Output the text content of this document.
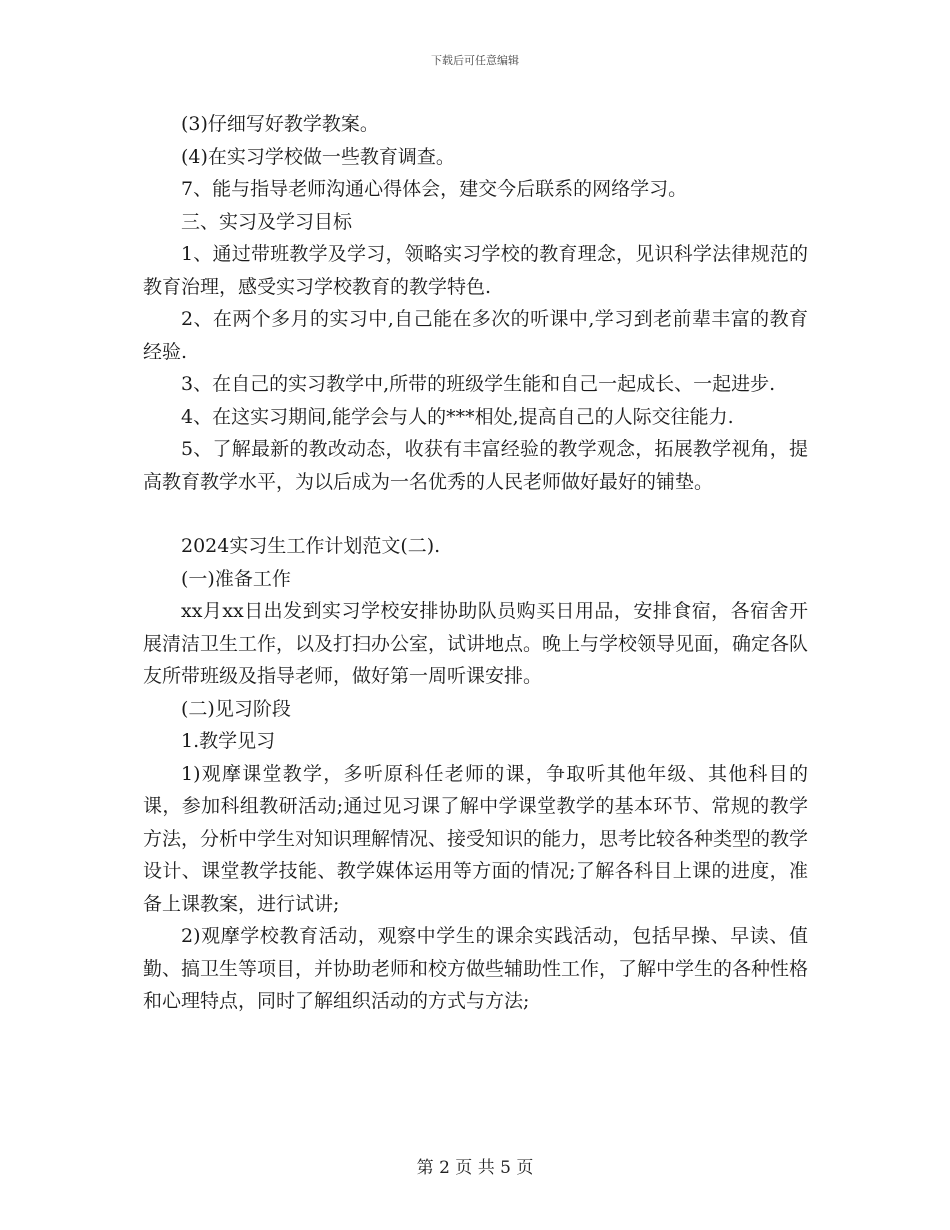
下载后可任意编辑

(3)仔细写好教学教案。

(4)在实习学校做一些教育调查。

7、能与指导老师沟通心得体会，建交今后联系的网络学习。

三、实习及学习目标

1、通过带班教学及学习，领略实习学校的教育理念，见识科学法律规范的教育治理，感受实习学校教育的教学特色.

2、在两个多月的实习中,自己能在多次的听课中,学习到老前辈丰富的教育经验.

3、在自己的实习教学中,所带的班级学生能和自己一起成长、一起进步.

4、在这实习期间,能学会与人的***相处,提高自己的人际交往能力.

5、了解最新的教改动态，收获有丰富经验的教学观念，拓展教学视角，提高教育教学水平，为以后成为一名优秀的人民老师做好最好的铺垫。

2024实习生工作计划范文(二).

(一)准备工作

xx月xx日出发到实习学校安排协助队员购买日用品，安排食宿，各宿舍开展清洁卫生工作，以及打扫办公室，试讲地点。晚上与学校领导见面，确定各队友所带班级及指导老师，做好第一周听课安排。

(二)见习阶段

1.教学见习

1)观摩课堂教学，多听原科任老师的课，争取听其他年级、其他科目的课，参加科组教研活动;通过见习课了解中学课堂教学的基本环节、常规的教学方法，分析中学生对知识理解情况、接受知识的能力，思考比较各种类型的教学设计、课堂教学技能、教学媒体运用等方面的情况;了解各科目上课的进度，准备上课教案，进行试讲;

2)观摩学校教育活动，观察中学生的课余实践活动，包括早操、早读、值勤、搞卫生等项目，并协助老师和校方做些辅助性工作，了解中学生的各种性格和心理特点，同时了解组织活动的方式与方法;

第 2 页 共 5 页
